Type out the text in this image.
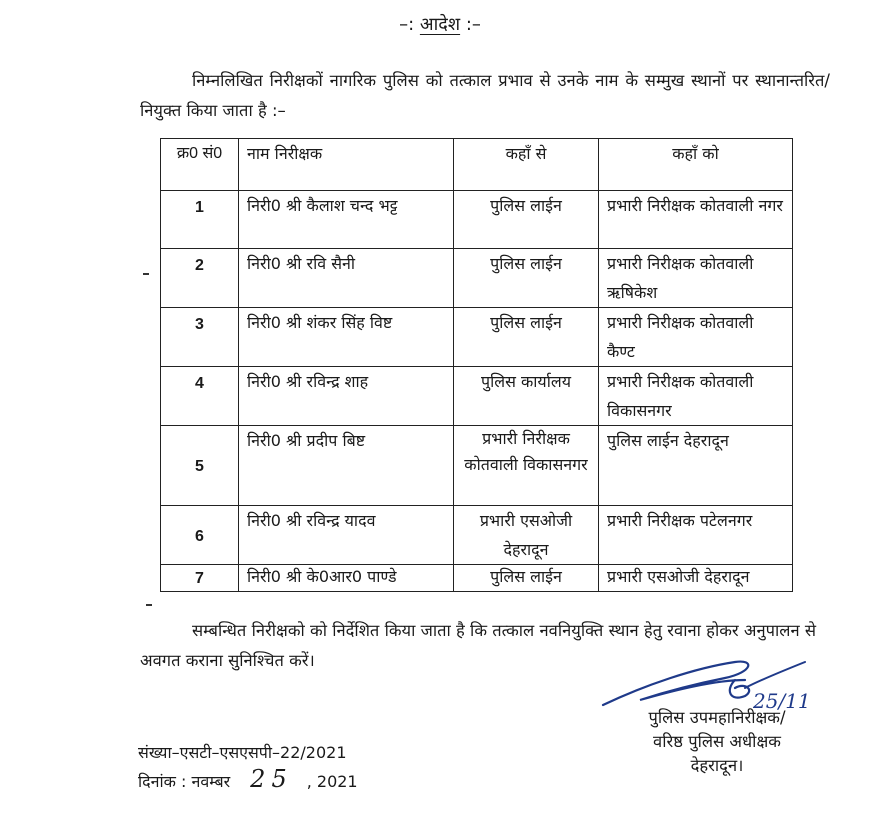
–: आदेश :–
निम्नलिखित निरीक्षकों नागरिक पुलिस को तत्काल प्रभाव से उनके नाम के सम्मुख स्थानों पर स्थानान्तरित/नियुक्त किया जाता है :–
क्र0 सं0	नाम निरीक्षक	कहाँ से	कहाँ को
1	निरी0 श्री कैलाश चन्द भट्ट	पुलिस लाईन	प्रभारी निरीक्षक कोतवाली नगर
2	निरी0 श्री रवि सैनी	पुलिस लाईन	प्रभारी निरीक्षक कोतवाली ऋषिकेश
3	निरी0 श्री शंकर सिंह विष्ट	पुलिस लाईन	प्रभारी निरीक्षक कोतवाली कैण्ट
4	निरी0 श्री रविन्द्र शाह	पुलिस कार्यालय	प्रभारी निरीक्षक कोतवाली विकासनगर
5	निरी0 श्री प्रदीप बिष्ट	प्रभारी निरीक्षक कोतवाली विकासनगर	पुलिस लाईन देहरादून
6	निरी0 श्री रविन्द्र यादव	प्रभारी एसओजी देहरादून	प्रभारी निरीक्षक पटेलनगर
7	निरी0 श्री के0आर0 पाण्डे	पुलिस लाईन	प्रभारी एसओजी देहरादून
सम्बन्धित निरीक्षको को निर्देशित किया जाता है कि तत्काल नवनियुक्ति स्थान हेतु रवाना होकर अनुपालन से अवगत कराना सुनिश्चित करें।
25/11
पुलिस उपमहानिरीक्षक/
वरिष्ठ पुलिस अधीक्षक
देहरादून।
संख्या–एसटी–एसएसपी–22/2021
दिनांक : नवम्बर 25 , 2021
